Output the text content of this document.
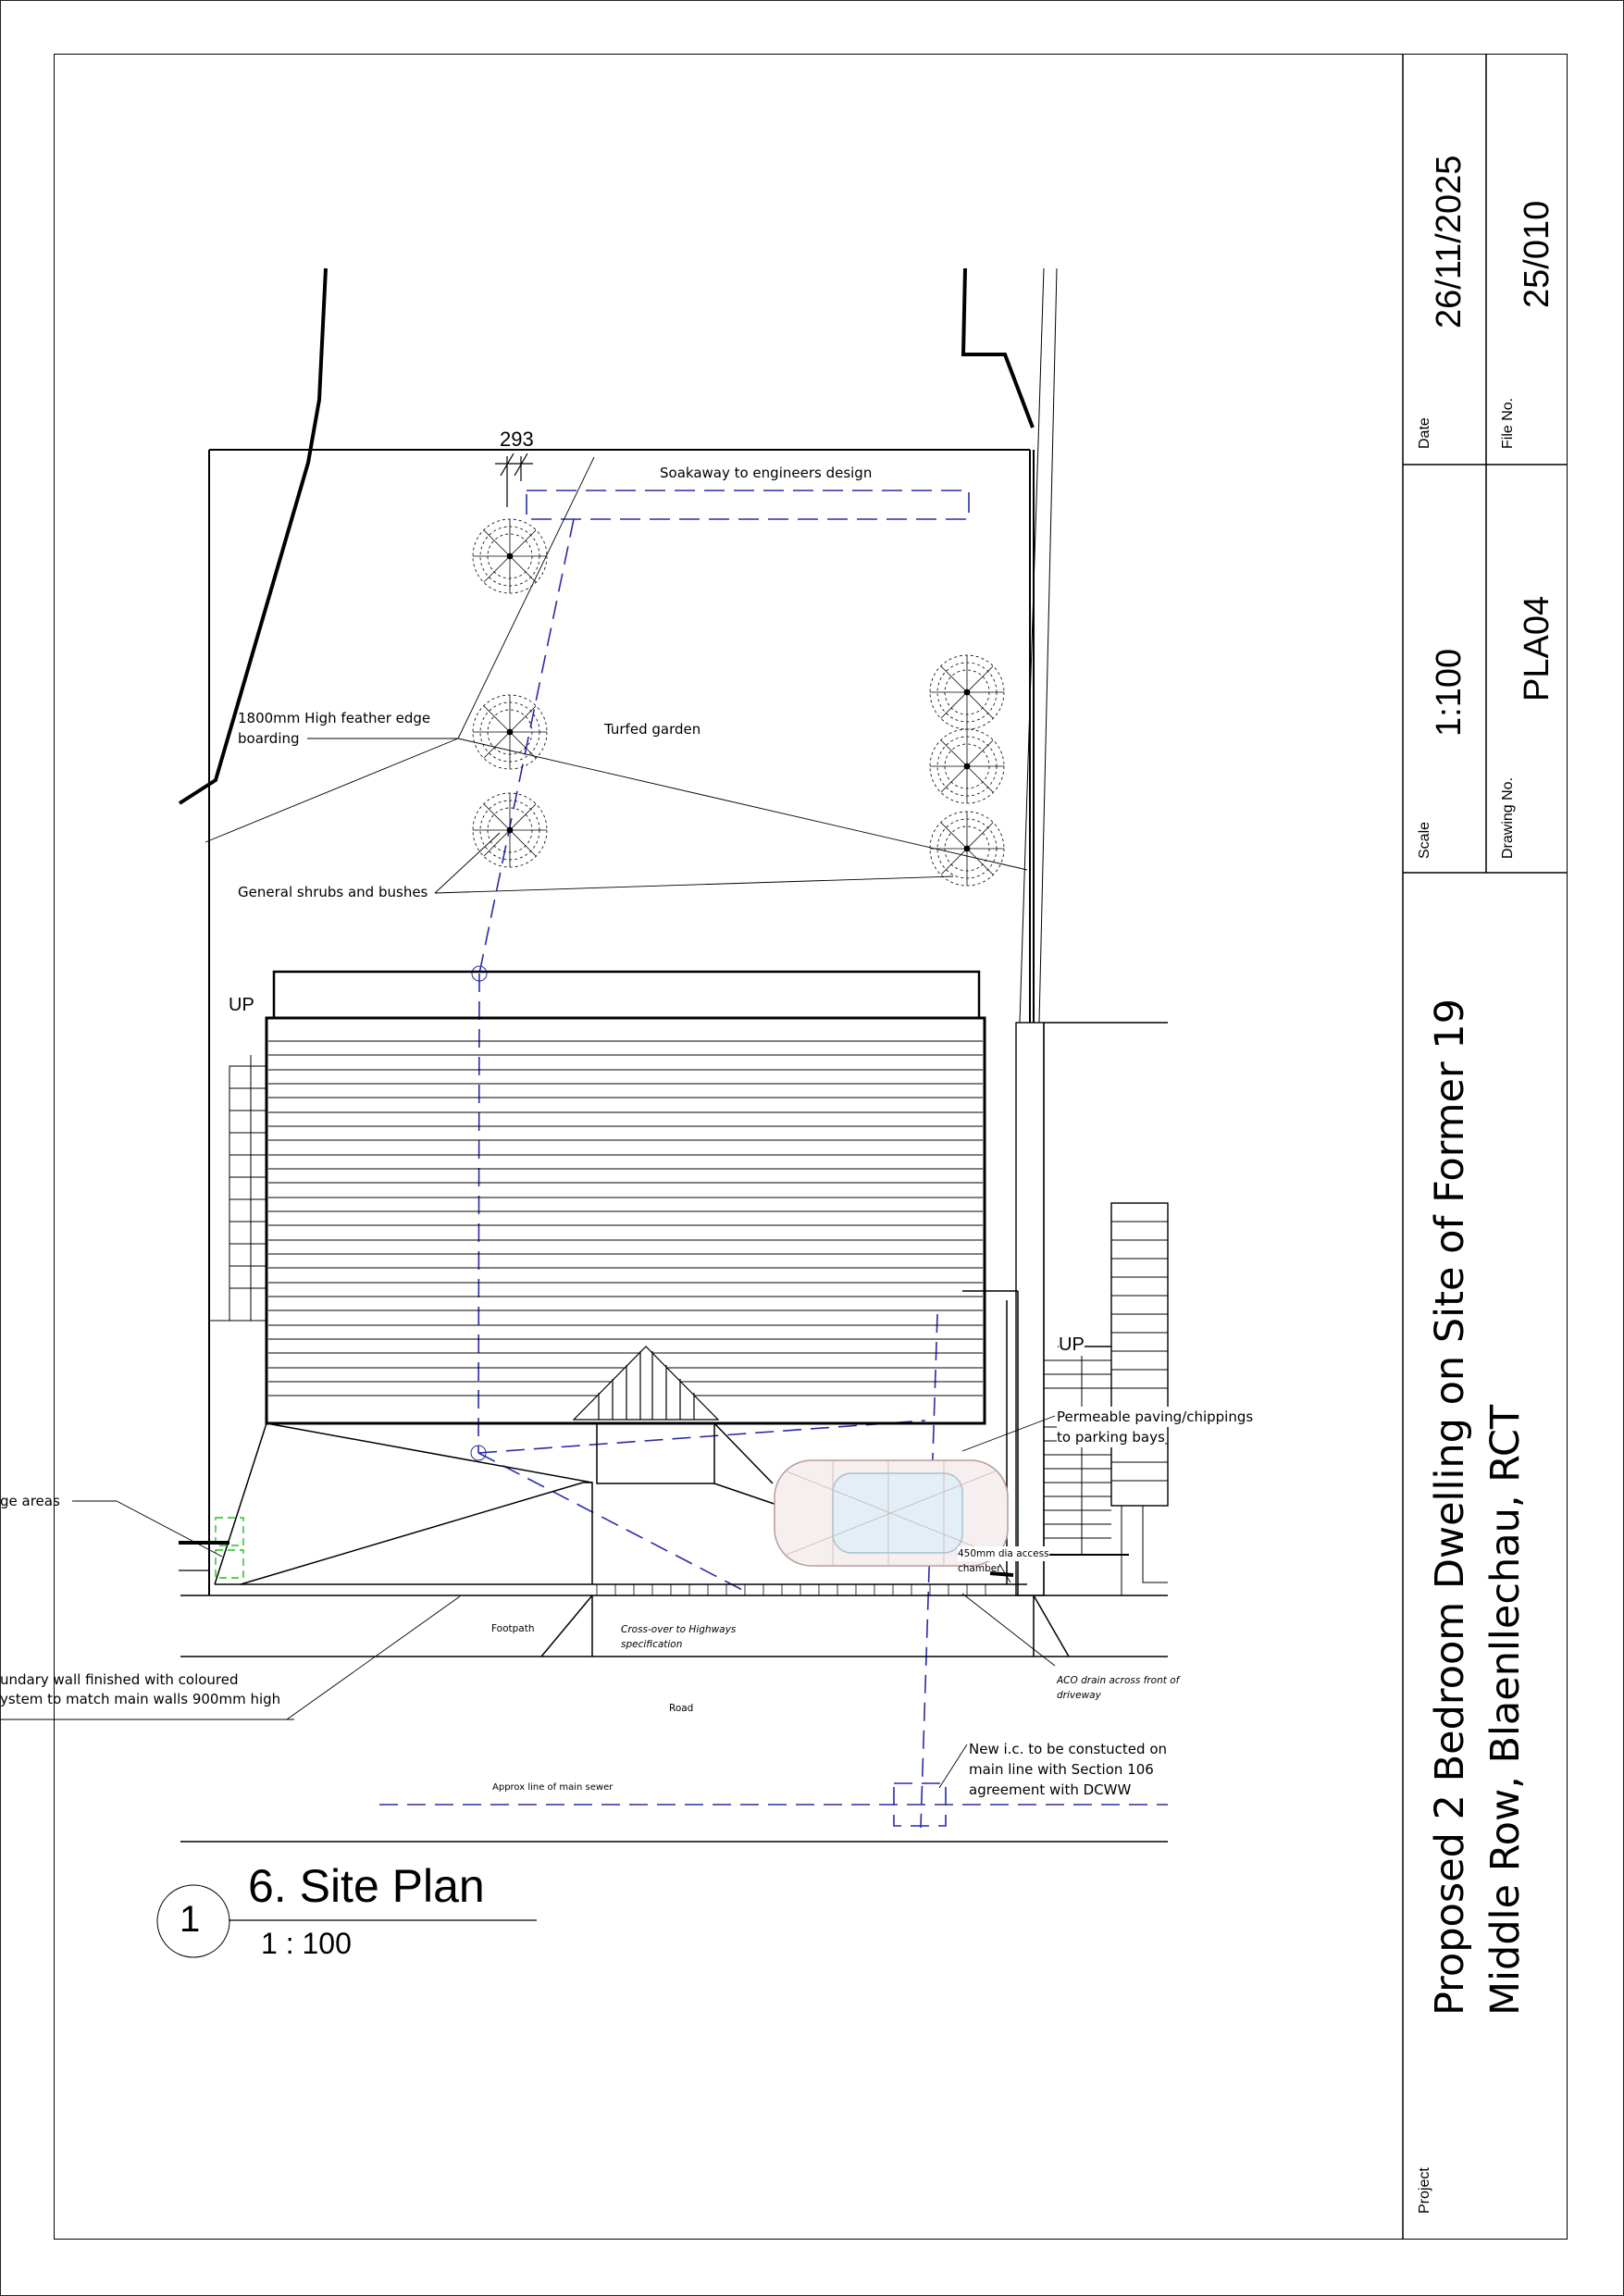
293
Soakaway to engineers design
1800mm High feather edge
boarding
Turfed garden
General shrubs and bushes
UP
UP
Permeable paving/chippings
to parking bays
450mm dia access
chamber
ge areas
undary wall finished with coloured
ystem to match main walls 900mm high
Footpath	Cross-over to Highways
specification
ACO drain across front of
driveway
Road
Approx line of main sewer
New i.c. to be constucted on
main line with Section 106
agreement with DCWW
1
6. Site Plan
1 : 100
Date
26/11/2025
File No.
25/010
Scale
1:100
Drawing No.
PLA04
Project
Proposed 2 Bedroom Dwelling on Site of Former 19 Middle Row, Blaenllechau, RCT
